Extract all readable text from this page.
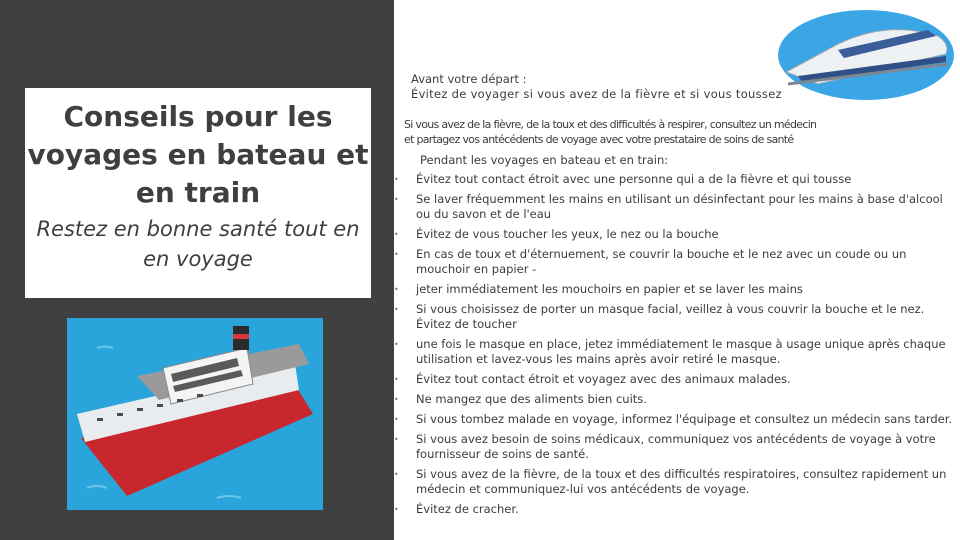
Conseils pour les voyages en bateau et en train

Restez en bonne santé tout en en voyage

Avant votre départ :
Évitez de voyager si vous avez de la fièvre et si vous toussez
Si vous avez de la fièvre, de la toux et des difficultés à respirer, consultez un médecin et partagez vos antécédents de voyage avec votre prestataire de soins de santé
Pendant les voyages en bateau et en train:
• Évitez tout contact étroit avec une personne qui a de la fièvre et qui tousse
• Se laver fréquemment les mains en utilisant un désinfectant pour les mains à base d'alcool ou du savon et de l'eau
• Évitez de vous toucher les yeux, le nez ou la bouche
• En cas de toux et d'éternuement, se couvrir la bouche et le nez avec un coude ou un mouchoir en papier -
• jeter immédiatement les mouchoirs en papier et se laver les mains
• Si vous choisissez de porter un masque facial, veillez à vous couvrir la bouche et le nez. Évitez de toucher
• une fois le masque en place, jetez immédiatement le masque à usage unique après chaque utilisation et lavez-vous les mains après avoir retiré le masque.
• Évitez tout contact étroit et voyagez avec des animaux malades.
• Ne mangez que des aliments bien cuits.
• Si vous tombez malade en voyage, informez l'équipage et consultez un médecin sans tarder.
• Si vous avez besoin de soins médicaux, communiquez vos antécédents de voyage à votre fournisseur de soins de santé.
• Si vous avez de la fièvre, de la toux et des difficultés respiratoires, consultez rapidement un médecin et communiquez-lui vos antécédents de voyage.
• Évitez de cracher.
